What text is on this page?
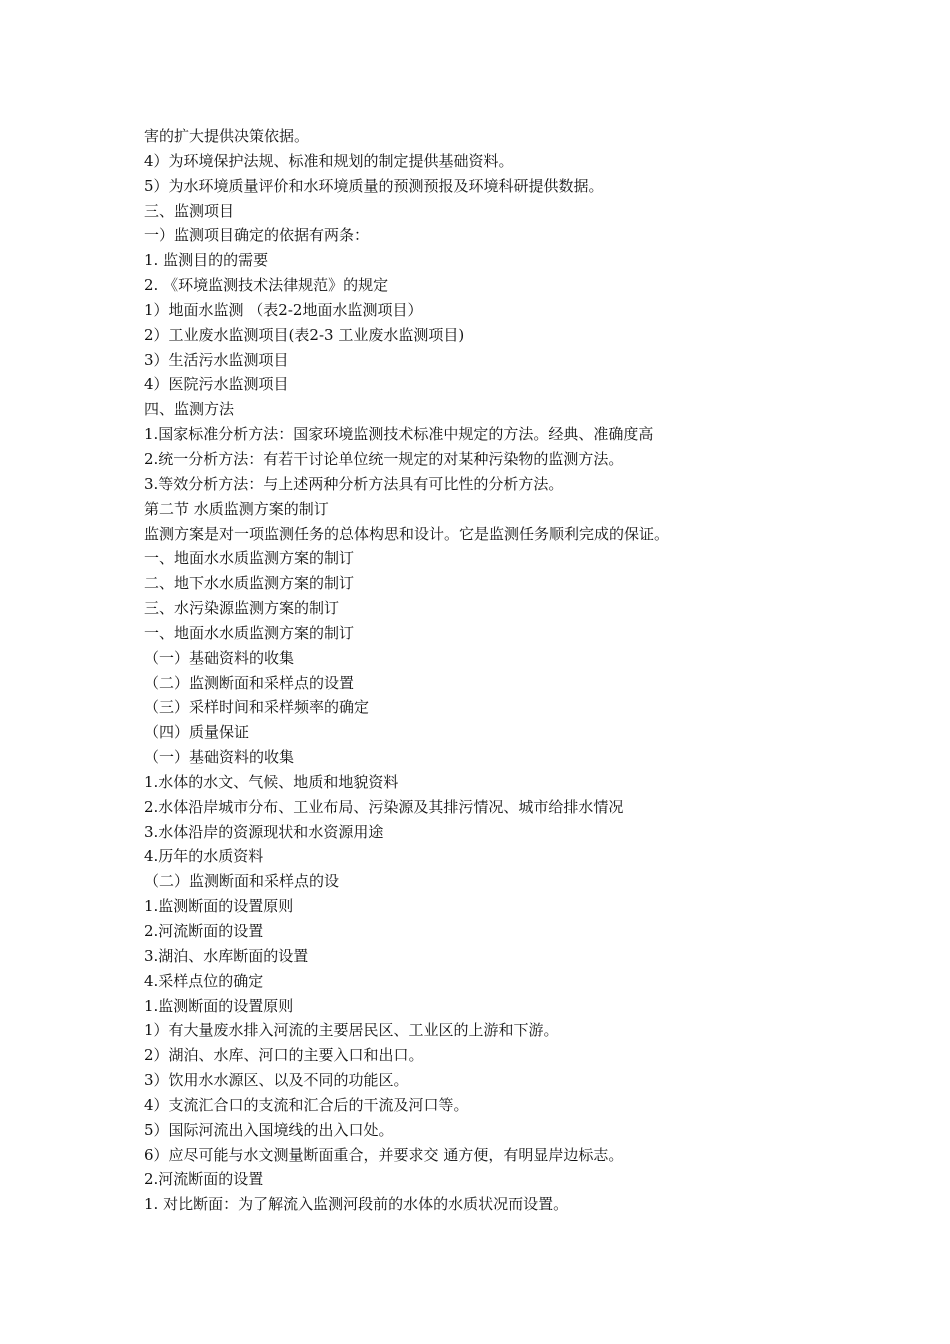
害的扩大提供决策依据。
4）为环境保护法规、标准和规划的制定提供基础资料。
5）为水环境质量评价和水环境质量的预测预报及环境科研提供数据。
三、监测项目
一）监测项目确定的依据有两条：
1. 监测目的的需要
2. 《环境监测技术法律规范》的规定
1）地面水监测 （表2-2地面水监测项目）
2）工业废水监测项目(表2-3 工业废水监测项目)
3）生活污水监测项目
4）医院污水监测项目
四、监测方法
1.国家标准分析方法：国家环境监测技术标准中规定的方法。经典、准确度高
2.统一分析方法：有若干讨论单位统一规定的对某种污染物的监测方法。
3.等效分析方法：与上述两种分析方法具有可比性的分析方法。
第二节 水质监测方案的制订
监测方案是对一项监测任务的总体构思和设计。它是监测任务顺利完成的保证。
一、地面水水质监测方案的制订
二、地下水水质监测方案的制订
三、水污染源监测方案的制订
一、地面水水质监测方案的制订
（一）基础资料的收集
（二）监测断面和采样点的设置
（三）采样时间和采样频率的确定
（四）质量保证
（一）基础资料的收集
1.水体的水文、气候、地质和地貌资料
2.水体沿岸城市分布、工业布局、污染源及其排污情况、城市给排水情况
3.水体沿岸的资源现状和水资源用途
4.历年的水质资料
（二）监测断面和采样点的设
1.监测断面的设置原则
2.河流断面的设置
3.湖泊、水库断面的设置
4.采样点位的确定
1.监测断面的设置原则
1）有大量废水排入河流的主要居民区、工业区的上游和下游。
2）湖泊、水库、河口的主要入口和出口。
3）饮用水水源区、以及不同的功能区。
4）支流汇合口的支流和汇合后的干流及河口等。
5）国际河流出入国境线的出入口处。
6）应尽可能与水文测量断面重合，并要求交 通方便，有明显岸边标志。
2.河流断面的设置
1. 对比断面：为了解流入监测河段前的水体的水质状况而设置。
